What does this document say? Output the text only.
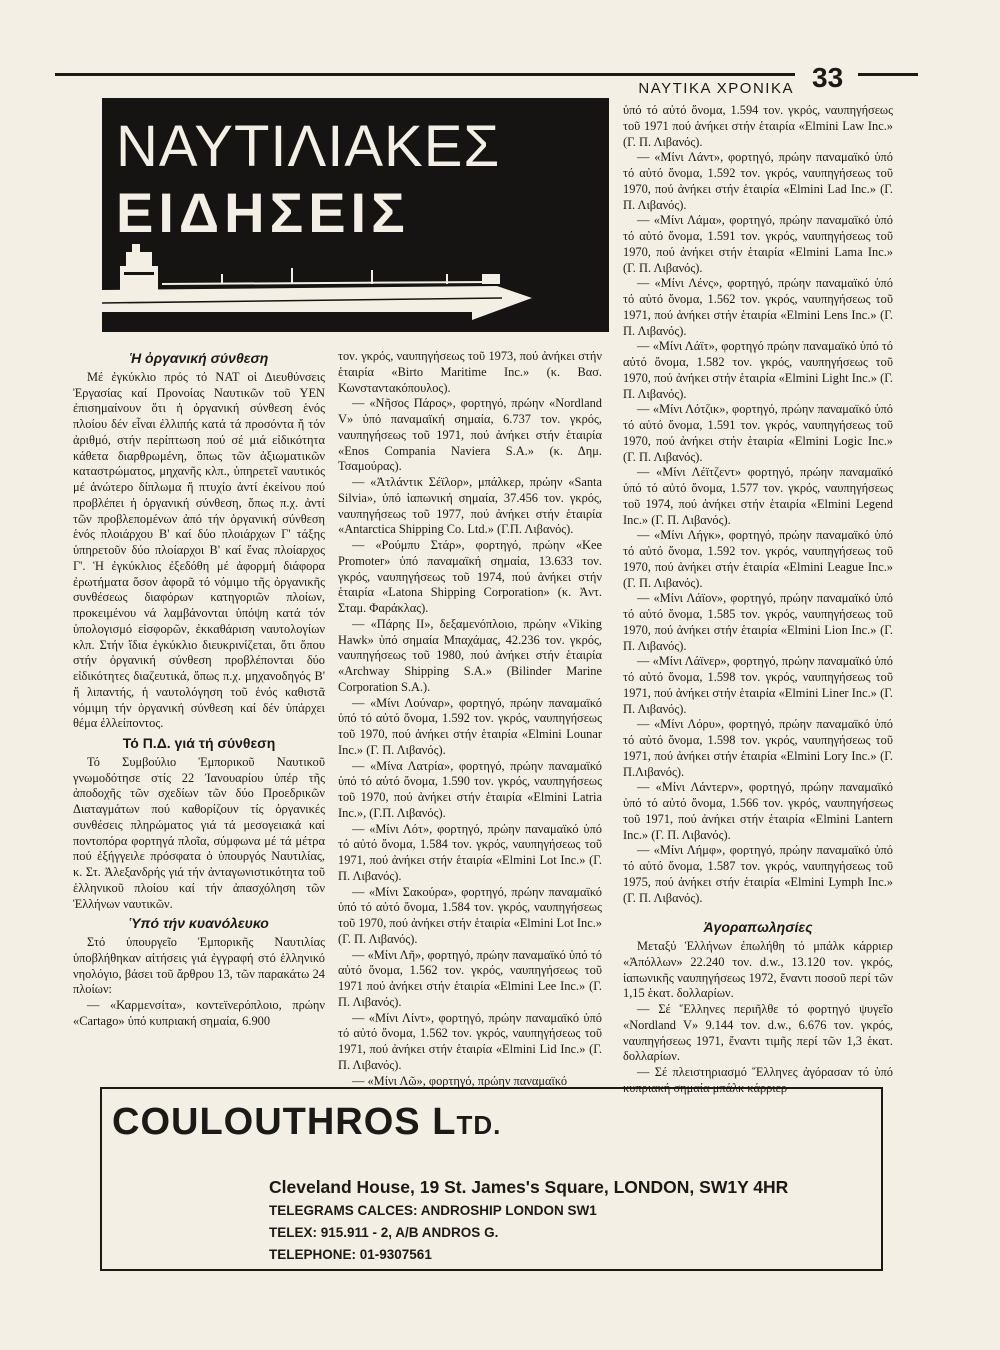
ΝΑΥΤΙΚΑ ΧΡΟΝΙΚΑ 33
ΝΑΥΤΙΛΙΑΚΕΣ
ΕΙΔΗΣΕΙΣ
Ἡ ὀργανική σύνθεση

Μέ ἐγκύκλιο πρός τό ΝΑΤ οἱ Διευθύνσεις Ἐργασίας καί Προνοίας Ναυτικῶν τοῦ ΥΕΝ ἐπισημαίνουν ὅτι ἡ ὀργανική σύνθεση ἑνός πλοίου δέν εἶναι ἐλλιπής κατά τά προσόντα ἤ τόν ἀριθμό, στήν περίπτωση πού σέ μιά εἰδικότητα κάθετα διαρθρωμένη, ὅπως τῶν ἀξιωματικῶν καταστρώματος, μηχανῆς κλπ., ὑπηρετεῖ ναυτικός μέ ἀνώτερο δίπλωμα ἤ πτυχίο ἀντί ἐκείνου πού προβλέπει ἡ ὀργανική σύνθεση, ὅπως π.χ. ἀντί τῶν προβλεπομένων ἀπό τήν ὀργανική σύνθεση ἑνός πλοιάρχου Β' καί δύο πλοιάρχων Γ' τάξης ὑπηρετοῦν δύο πλοίαρχοι Β' καί ἕνας πλοίαρχος Γ'. Ἡ ἐγκύκλιος ἐξεδόθη μέ ἀφορμή διάφορα ἐρωτήματα ὅσον ἀφορᾶ τό νόμιμο τῆς ὀργανικῆς συνθέσεως διαφόρων κατηγοριῶν πλοίων, προκειμένου νά λαμβάνονται ὑπόψη κατά τόν ὑπολογισμό εἰσφορῶν, ἐκκαθάριση ναυτολογίων κλπ. Στήν ἴδια ἐγκύκλιο διευκρινίζεται, ὅτι ὅπου στήν ὀργανική σύνθεση προβλέπονται δύο εἰδικότητες διαζευτικά, ὅπως π.χ. μηχανοδηγός Β' ἤ λιπαντής, ἡ ναυτολόγηση τοῦ ἑνός καθιστᾶ νόμιμη τήν ὀργανική σύνθεση καί δέν ὑπάρχει θέμα ἐλλείποντος.

Τό Π.Δ. γιά τή σύνθεση

Τό Συμβούλιο Ἐμπορικοῦ Ναυτικοῦ γνωμοδότησε στίς 22 Ἰανουαρίου ὑπέρ τῆς ἀποδοχῆς τῶν σχεδίων τῶν δύο Προεδρικῶν Διαταγμάτων πού καθορίζουν τίς ὀργανικές συνθέσεις πληρώματος γιά τά μεσογειακά καί ποντοπόρα φορτηγά πλοῖα, σύμφωνα μέ τά μέτρα πού ἐξήγγειλε πρόσφατα ὁ ὑπουργός Ναυτιλίας, κ. Στ. Ἀλεξανδρής γιά τήν ἀνταγωνιστικότητα τοῦ ἑλληνικοῦ πλοίου καί τήν ἀπασχόληση τῶν Ἑλλήνων ναυτικῶν.

Ὑπό τήν κυανόλευκο

Στό ὑπουργεῖο Ἐμπορικῆς Ναυτιλίας ὑποβλήθηκαν αἰτήσεις γιά ἐγγραφή στό ἑλληνικό νηολόγιο, βάσει τοῦ ἄρθρου 13, τῶν παρακάτω 24 πλοίων:

— «Καρμενσίτα», κοντεϊνερόπλοιο, πρώην «Cartago» ὑπό κυπριακή σημαία, 6.900

τον. γκρός, ναυπηγήσεως τοῦ 1973, πού ἀνήκει στήν ἑταιρία «Birto Maritime Inc.» (κ. Βασ. Κωνσταντακόπουλος).

— «Νῆσος Πάρος», φορτηγό, πρώην «Nordland V» ὑπό παναμαϊκή σημαία, 6.737 τον. γκρός, ναυπηγήσεως τοῦ 1971, πού ἀνήκει στήν ἑταιρία «Enos Compania Naviera S.A.» (κ. Δημ. Τσαμούρας).

— «Ἀτλάντικ Σέϊλορ», μπάλκερ, πρώην «Santa Silvia», ὑπό ἰαπωνική σημαία, 37.456 τον. γκρός, ναυπηγήσεως τοῦ 1977, πού ἀνήκει στήν ἑταιρία «Antarctica Shipping Co. Ltd.» (Γ.Π. Λιβανός).

— «Ρούμπυ Στάρ», φορτηγό, πρώην «Kee Promoter» ὑπό παναμαϊκή σημαία, 13.633 τον. γκρός, ναυπηγήσεως τοῦ 1974, πού ἀνήκει στήν ἑταιρία «Latona Shipping Corporation» (κ. Ἀντ. Σταμ. Φαράκλας).

— «Πάρης ΙΙ», δεξαμενόπλοιο, πρώην «Viking Hawk» ὑπό σημαία Μπαχάμας, 42.236 τον. γκρός, ναυπηγήσεως τοῦ 1980, πού ἀνήκει στήν ἑταιρία «Archway Shipping S.A.» (Bilinder Marine Corporation S.A.).

— «Μίνι Λούναρ», φορτηγό, πρώην παναμαϊκό ὑπό τό αὐτό ὄνομα, 1.592 τον. γκρός, ναυπηγήσεως τοῦ 1970, πού ἀνήκει στήν ἑταιρία «Elmini Lounar Inc.» (Γ. Π. Λιβανός).

— «Μίνα Λατρία», φορτηγό, πρώην παναμαϊκό ὑπό τό αὐτό ὄνομα, 1.590 τον. γκρός, ναυπηγήσεως τοῦ 1970, πού ἀνήκει στήν ἑταιρία «Elmini Latria Inc.», (Γ.Π. Λιβανός).

— «Μίνι Λότ», φορτηγό, πρώην παναμαϊκό ὑπό τό αὐτό ὄνομα, 1.584 τον. γκρός, ναυπηγήσεως τοῦ 1971, πού ἀνήκει στήν ἑταιρία «Elmini Lot Inc.» (Γ. Π. Λιβανός).

— «Μίνι Σακούρα», φορτηγό, πρώην παναμαϊκό ὑπό τό αὐτό ὄνομα, 1.584 τον. γκρός, ναυπηγήσεως τοῦ 1970, πού ἀνήκει στήν ἑταιρία «Elmini Lot Inc.» (Γ. Π. Λιβανός).

— «Μίνι Λῆ», φορτηγό, πρώην παναμαϊκό ὑπό τό αὐτό ὄνομα, 1.562 τον. γκρός, ναυπηγήσεως τοῦ 1971 πού ἀνήκει στήν ἑταιρία «Elmini Lee Inc.» (Γ. Π. Λιβανός).

— «Μίνι Λίντ», φορτηγό, πρώην παναμαϊκό ὑπό τό αὐτό ὄνομα, 1.562 τον. γκρός, ναυπηγήσεως τοῦ 1971, πού ἀνήκει στήν ἑταιρία «Elmini Lid Inc.» (Γ. Π. Λιβανός).

— «Μίνι Λῶ», φορτηγό, πρώην παναμαϊκό

ὑπό τό αὐτό ὄνομα, 1.594 τον. γκρός, ναυπηγήσεως τοῦ 1971 πού ἀνήκει στήν ἑταιρία «Elmini Law Inc.» (Γ. Π. Λιβανός).

— «Μίνι Λάντ», φορτηγό, πρώην παναμαϊκό ὑπό τό αὐτό ὄνομα, 1.592 τον. γκρός, ναυπηγήσεως τοῦ 1970, πού ἀνήκει στήν ἑταιρία «Elmini Lad Inc.» (Γ. Π. Λιβανός).

— «Μίνι Λάμα», φορτηγό, πρώην παναμαϊκό ὑπό τό αὐτό ὄνομα, 1.591 τον. γκρός, ναυπηγήσεως τοῦ 1970, πού ἀνήκει στήν ἑταιρία «Elmini Lama Inc.» (Γ. Π. Λιβανός).

— «Μίνι Λένς», φορτηγό, πρώην παναμαϊκό ὑπό τό αὐτό ὄνομα, 1.562 τον. γκρός, ναυπηγήσεως τοῦ 1971, πού ἀνήκει στήν ἑταιρία «Elmini Lens Inc.» (Γ. Π. Λιβανός).

— «Μίνι Λάϊτ», φορτηγό πρώην παναμαϊκό ὑπό τό αὐτό ὄνομα, 1.582 τον. γκρός, ναυπηγήσεως τοῦ 1970, πού ἀνήκει στήν ἑταιρία «Elmini Light Inc.» (Γ. Π. Λιβανός).

— «Μίνι Λότζικ», φορτηγό, πρώην παναμαϊκό ὑπό τό αὐτό ὄνομα, 1.591 τον. γκρός, ναυπηγήσεως τοῦ 1970, πού ἀνήκει στήν ἑταιρία «Elmini Logic Inc.» (Γ. Π. Λιβανός).

— «Μίνι Λέϊτζεντ» φορτηγό, πρώην παναμαϊκό ὑπό τό αὐτό ὄνομα, 1.577 τον. γκρός, ναυπηγήσεως τοῦ 1974, πού ἀνήκει στήν ἑταιρία «Elmini Legend Inc.» (Γ. Π. Λιβανός).

— «Μίνι Λήγκ», φορτηγό, πρώην παναμαϊκό ὑπό τό αὐτό ὄνομα, 1.592 τον. γκρός, ναυπηγήσεως τοῦ 1970, πού ἀνήκει στήν ἑταιρία «Elmini League Inc.» (Γ. Π. Λιβανός).

— «Μίνι Λάϊον», φορτηγό, πρώην παναμαϊκό ὑπό τό αὐτό ὄνομα, 1.585 τον. γκρός, ναυπηγήσεως τοῦ 1970, πού ἀνήκει στήν ἑταιρία «Elmini Lion Inc.» (Γ. Π. Λιβανός).

— «Μίνι Λάϊνερ», φορτηγό, πρώην παναμαϊκό ὑπό τό αὐτό ὄνομα, 1.598 τον. γκρός, ναυπηγήσεως τοῦ 1971, πού ἀνήκει στήν ἑταιρία «Elmini Liner Inc.» (Γ. Π. Λιβανός).

— «Μίνι Λόρυ», φορτηγό, πρώην παναμαϊκό ὑπό τό αὐτό ὄνομα, 1.598 τον. γκρός, ναυπηγήσεως τοῦ 1971, πού ἀνήκει στήν ἑταιρία «Elmini Lory Inc.» (Γ. Π.Λιβανός).

— «Μίνι Λάντερν», φορτηγό, πρώην παναμαϊκό ὑπό τό αὐτό ὄνομα, 1.566 τον. γκρός, ναυπηγήσεως τοῦ 1971, πού ἀνήκει στήν ἑταιρία «Elmini Lantern Inc.» (Γ. Π. Λιβανός).

— «Μίνι Λήμφ», φορτηγό, πρώην παναμαϊκό ὑπό τό αὐτό ὄνομα, 1.587 τον. γκρός, ναυπηγήσεως τοῦ 1975, πού ἀνήκει στήν ἑταιρία «Elmini Lymph Inc.» (Γ. Π. Λιβανός).

Ἀγοραπωλησίες

Μεταξύ Ἑλλήνων ἐπωλήθη τό μπάλκ κάρριερ «Ἀπόλλων» 22.240 τον. d.w., 13.120 τον. γκρός, ἰαπωνικῆς ναυπηγήσεως 1972, ἔναντι ποσοῦ περί τῶν 1,15 ἑκατ. δολλαρίων.

— Σέ Ἕλληνες περιῆλθε τό φορτηγό ψυγεῖο «Nordland V» 9.144 τον. d.w., 6.676 τον. γκρός, ναυπηγήσεως 1971, ἔναντι τιμῆς περί τῶν 1,3 ἑκατ. δολλαρίων.

— Σέ πλειστηριασμό Ἕλληνες ἀγόρασαν τό ὑπό κυπριακή σημαία μπάλκ κάρριερ

COULOUTHROS LTD.
Cleveland House, 19 St. James's Square, LONDON, SW1Y 4HR
TELEGRAMS CALCES: ANDROSHIP LONDON SW1
TELEX: 915.911 - 2, A/B ANDROS G.
TELEPHONE: 01-9307561
